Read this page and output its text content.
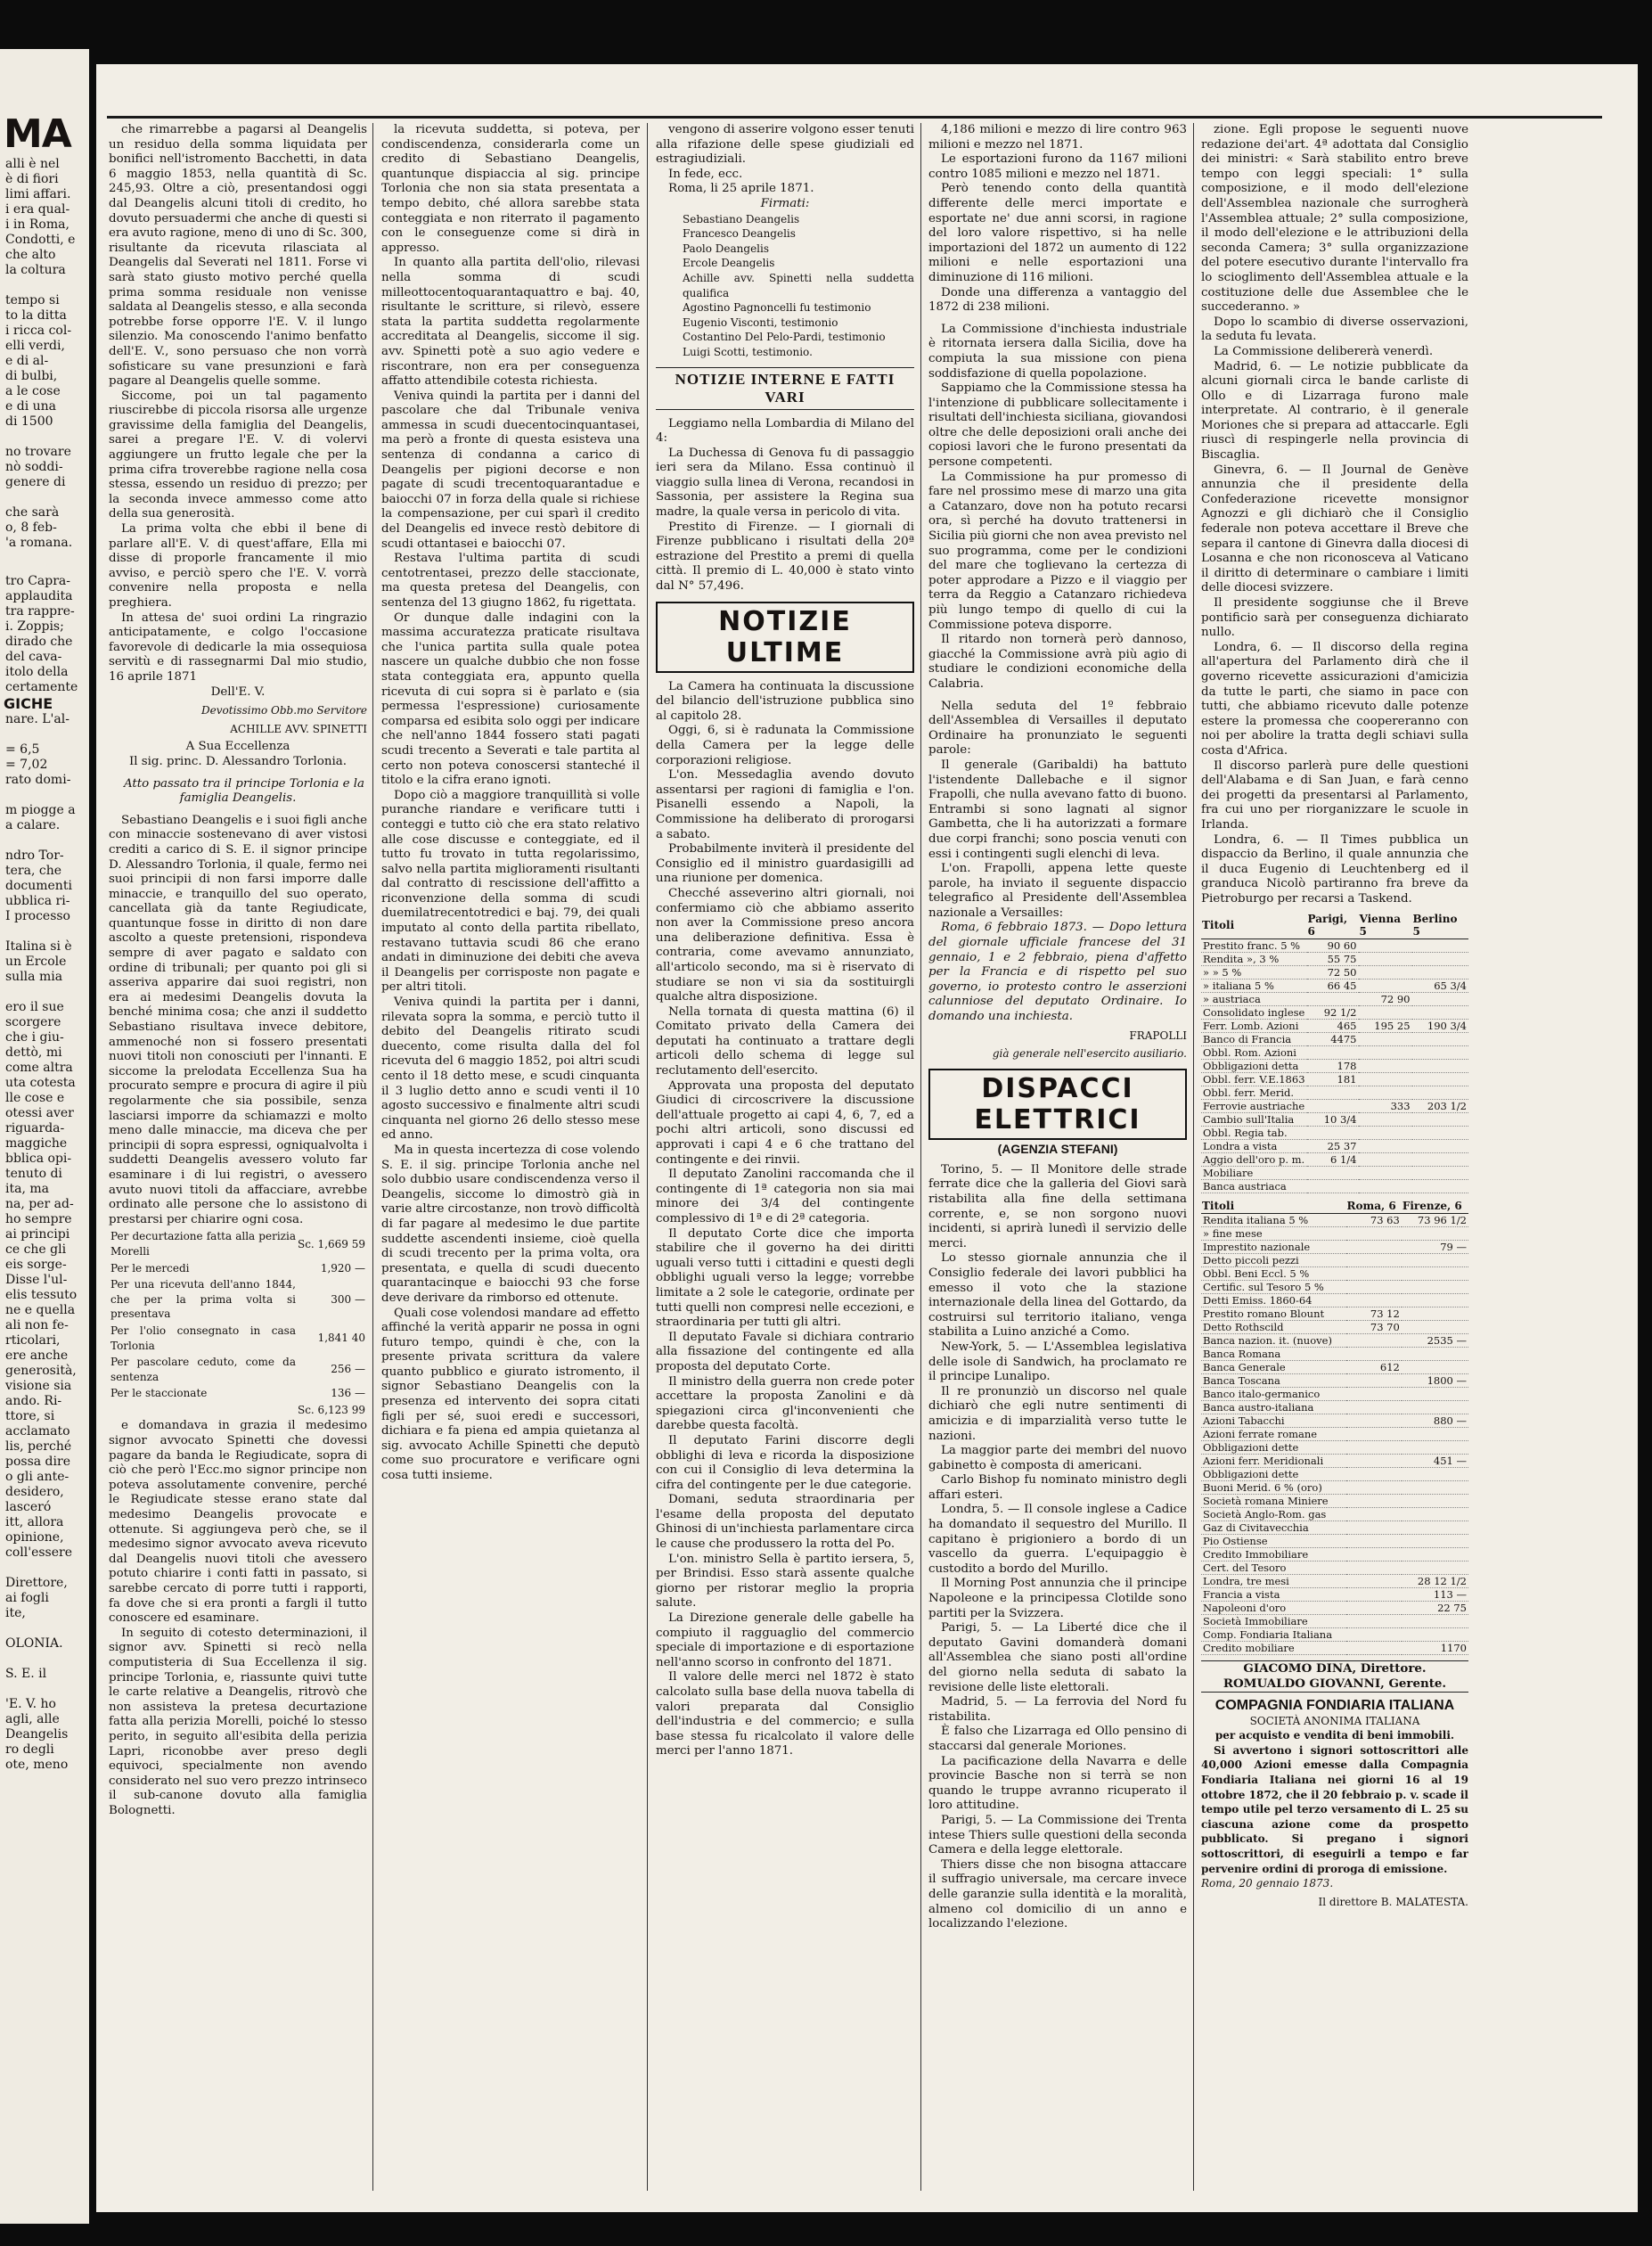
MA

alli è nel

è di fiori

limi affari.

i era qual-

i in Roma,

Condotti, e

che alto

la coltura

tempo si

to la ditta

i ricca col-

elli verdi,

e di al-

di bulbi,

a le cose

e di una

di 1500

no trovare

nò soddi-

genere di

che sarà

o, 8 feb-

'a romana.

tro Capra-

applaudita

tra rappre-

i. Zoppis;

dirado che

del cava-

itolo della

certamente

GICHE

nare. L'al-

= 6,5

= 7,02

rato domi-

m piogge a

a calare.

ndro Tor-

tera, che

documenti

ubblica ri-

I processo

Italina si è

un Ercole

sulla mia

ero il sue

scorgere

che i giu-

dettò, mi

come altra

uta cotesta

lle cose e

otessi aver

riguarda-

maggiche

bblica opi-

tenuto di

ita, ma

na, per ad-

ho sempre

ai principi

ce che gli

eis sorge-

Disse l'ul-

elis tessuto

ne e quella

ali non fe-

rticolari,

ere anche

generosità,

visione sia

ando. Ri-

ttore, si

acclamato

lis, perché

possa dire

o gli ante-

desidero,

lasceró

itt, allora

opinione,

coll'essere

Direttore,

ai fogli

ite,

OLONIA.

S. E. il

'E. V. ho

agli, alle

Deangelis

ro degli

ote, meno

che rimarrebbe a pagarsi al Deangelis un residuo della somma liquidata per bonifici nell'istromento Bacchetti, in data 6 maggio 1853, nella quantità di Sc. 245,93. Oltre a ciò, presentandosi oggi dal Deangelis alcuni titoli di credito, ho dovuto persuadermi che anche di questi si era avuto ragione, meno di uno di Sc. 300, risultante da ricevuta rilasciata al Deangelis dal Severati nel 1811. Forse vi sarà stato giusto motivo perché quella prima somma residuale non venisse saldata al Deangelis stesso, e alla seconda potrebbe forse opporre l'E. V. il lungo silenzio. Ma conoscendo l'animo benfatto dell'E. V., sono persuaso che non vorrà sofisticare su vane presunzioni e farà pagare al Deangelis quelle somme.

Siccome, poi un tal pagamento riuscirebbe di piccola risorsa alle urgenze gravissime della famiglia del Deangelis, sarei a pregare l'E. V. di volervi aggiungere un frutto legale che per la prima cifra troverebbe ragione nella cosa stessa, essendo un residuo di prezzo; per la seconda invece ammesso come atto della sua generosità.

La prima volta che ebbi il bene di parlare all'E. V. di quest'affare, Ella mi disse di proporle francamente il mio avviso, e perciò spero che l'E. V. vorrà convenire nella proposta e nella preghiera.

In attesa de' suoi ordini La ringrazio anticipatamente, e colgo l'occasione favorevole di dedicarle la mia ossequiosa servitù e di rassegnarmi Dal mio studio, 16 aprile 1871

Dell'E. V.
Devotissimo Obb.mo Servitore
ACHILLE AVV. SPINETTI
A Sua Eccellenza
Il sig. princ. D. Alessandro Torlonia.

Atto passato tra il principe Torlonia e la famiglia Deangelis.

Sebastiano Deangelis e i suoi figli anche con minaccie sostenevano di aver vistosi crediti a carico di S. E. il signor principe D. Alessandro Torlonia, il quale, fermo nei suoi principii di non farsi imporre dalle minaccie, e tranquillo del suo operato, cancellata già da tante Regiudicate, quantunque fosse in diritto di non dare ascolto a queste pretensioni, rispondeva sempre di aver pagato e saldato con ordine di tribunali; per quanto poi gli si asseriva apparire dai suoi registri, non era ai medesimi Deangelis dovuta la benché minima cosa; che anzi il suddetto Sebastiano risultava invece debitore, ammenoché non si fossero presentati nuovi titoli non conosciuti per l'innanti. E siccome la prelodata Eccellenza Sua ha procurato sempre e procura di agire il più regolarmente che sia possibile, senza lasciarsi imporre da schiamazzi e molto meno dalle minaccie, ma diceva che per principii di sopra espressi, ogniqualvolta i suddetti Deangelis avessero voluto far esaminare i di lui registri, o avessero avuto nuovi titoli da affacciare, avrebbe ordinato alle persone che lo assistono di prestarsi per chiarire ogni cosa.

Per decurtazione fatta alla perizia Morelli	Sc. 1,669 59
Per le mercedi	1,920 —
Per una ricevuta dell'anno 1844, che per la prima volta si presentava	300 —
Per l'olio consegnato in casa Torlonia	1,841 40
Per pascolare ceduto, come da sentenza	256 —
Per le staccionate	136 —
	Sc. 6,123 99

e domandava in grazia il medesimo signor avvocato Spinetti che dovessi pagare da banda le Regiudicate, sopra di ciò che però l'Ecc.mo signor principe non poteva assolutamente convenire, perché le Regiudicate stesse erano state dal medesimo Deangelis provocate e ottenute. Si aggiungeva però che, se il medesimo signor avvocato aveva ricevuto dal Deangelis nuovi titoli che avessero potuto chiarire i conti fatti in passato, si sarebbe cercato di porre tutti i rapporti, fa dove che si era pronti a fargli il tutto conoscere ed esaminare.

In seguito di cotesto determinazioni, il signor avv. Spinetti si recò nella computisteria di Sua Eccellenza il sig. principe Torlonia, e, riassunte quivi tutte le carte relative a Deangelis, ritrovò che non assisteva la pretesa decurtazione fatta alla perizia Morelli, poiché lo stesso perito, in seguito all'esibita della perizia Lapri, riconobbe aver preso degli equivoci, specialmente non avendo considerato nel suo vero prezzo intrinseco il sub-canone dovuto alla famiglia Bolognetti.

la ricevuta suddetta, si poteva, per condiscendenza, considerarla come un credito di Sebastiano Deangelis, quantunque dispiaccia al sig. principe Torlonia che non sia stata presentata a tempo debito, ché allora sarebbe stata conteggiata e non riterrato il pagamento con le conseguenze come si dirà in appresso.

In quanto alla partita dell'olio, rilevasi nella somma di scudi milleottocentoquarantaquattro e baj. 40, risultante le scritture, si rilevò, essere stata la partita suddetta regolarmente accreditata al Deangelis, siccome il sig. avv. Spinetti potè a suo agio vedere e riscontrare, non era per conseguenza affatto attendibile cotesta richiesta.

Veniva quindi la partita per i danni del pascolare che dal Tribunale veniva ammessa in scudi duecentocinquantasei, ma però a fronte di questa esisteva una sentenza di condanna a carico di Deangelis per pigioni decorse e non pagate di scudi trecentoquarantadue e baiocchi 07 in forza della quale si richiese la compensazione, per cui sparì il credito del Deangelis ed invece restò debitore di scudi ottantasei e baiocchi 07.

Restava l'ultima partita di scudi centotrentasei, prezzo delle staccionate, ma questa pretesa del Deangelis, con sentenza del 13 giugno 1862, fu rigettata.

Or dunque dalle indagini con la massima accuratezza praticate risultava che l'unica partita sulla quale potea nascere un qualche dubbio che non fosse stata conteggiata era, appunto quella ricevuta di cui sopra si è parlato e (sia permessa l'espressione) curiosamente comparsa ed esibita solo oggi per indicare che nell'anno 1844 fossero stati pagati scudi trecento a Severati e tale partita al certo non poteva conoscersi stanteché il titolo e la cifra erano ignoti.

Dopo ciò a maggiore tranquillità si volle puranche riandare e verificare tutti i conteggi e tutto ciò che era stato relativo alle cose discusse e conteggiate, ed il tutto fu trovato in tutta regolarissimo, salvo nella partita miglioramenti risultanti dal contratto di rescissione dell'affitto a riconvenzione della somma di scudi duemilatrecentotredici e baj. 79, dei quali imputato al conto della partita ribellato, restavano tuttavia scudi 86 che erano andati in diminuzione dei debiti che aveva il Deangelis per corrisposte non pagate e per altri titoli.

Veniva quindi la partita per i danni, rilevata sopra la somma, e perciò tutto il debito del Deangelis ritirato scudi duecento, come risulta dalla del fol ricevuta del 6 maggio 1852, poi altri scudi cento il 18 detto mese, e scudi cinquanta il 3 luglio detto anno e scudi venti il 10 agosto successivo e finalmente altri scudi cinquanta nel giorno 26 dello stesso mese ed anno.

Ma in questa incertezza di cose volendo S. E. il sig. principe Torlonia anche nel solo dubbio usare condiscendenza verso il Deangelis, siccome lo dimostrò già in varie altre circostanze, non trovò difficoltà di far pagare al medesimo le due partite suddette ascendenti insieme, cioè quella di scudi trecento per la prima volta, ora presentata, e quella di scudi duecento quarantacinque e baiocchi 93 che forse deve derivare da rimborso ed ottenute.

Quali cose volendosi mandare ad effetto affinché la verità apparir ne possa in ogni futuro tempo, quindi è che, con la presente privata scrittura da valere quanto pubblico e giurato istromento, il signor Sebastiano Deangelis con la presenza ed intervento dei sopra citati figli per sé, suoi eredi e successori, dichiara e fa piena ed ampia quietanza al sig. avvocato Achille Spinetti che deputò come suo procuratore e verificare ogni cosa tutti insieme.

vengono di asserire volgono esser tenuti alla rifazione delle spese giudiziali ed estragiudiziali.

In fede, ecc.

Roma, li 25 aprile 1871.

Firmati:
Sebastiano Deangelis
Francesco Deangelis
Paolo Deangelis
Ercole Deangelis
Achille avv. Spinetti nella suddetta qualifica
Agostino Pagnoncelli fu testimonio
Eugenio Visconti, testimonio
Costantino Del Pelo-Pardi, testimonio
Luigi Scotti, testimonio.
NOTIZIE INTERNE E FATTI VARI

Leggiamo nella Lombardia di Milano del 4:

La Duchessa di Genova fu di passaggio ieri sera da Milano. Essa continuò il viaggio sulla linea di Verona, recandosi in Sassonia, per assistere la Regina sua madre, la quale versa in pericolo di vita.

Prestito di Firenze. — I giornali di Firenze pubblicano i risultati della 20ª estrazione del Prestito a premi di quella città. Il premio di L. 40,000 è stato vinto dal N° 57,496.

NOTIZIE ULTIME

La Camera ha continuata la discussione del bilancio dell'istruzione pubblica sino al capitolo 28.

Oggi, 6, si è radunata la Commissione della Camera per la legge delle corporazioni religiose.

L'on. Messedaglia avendo dovuto assentarsi per ragioni di famiglia e l'on. Pisanelli essendo a Napoli, la Commissione ha deliberato di prorogarsi a sabato.

Probabilmente inviterà il presidente del Consiglio ed il ministro guardasigilli ad una riunione per domenica.

Checché asseverino altri giornali, noi confermiamo ciò che abbiamo asserito non aver la Commissione preso ancora una deliberazione definitiva. Essa è contraria, come avevamo annunziato, all'articolo secondo, ma si è riservato di studiare se non vi sia da sostituirgli qualche altra disposizione.

Nella tornata di questa mattina (6) il Comitato privato della Camera dei deputati ha continuato a trattare degli articoli dello schema di legge sul reclutamento dell'esercito.

Approvata una proposta del deputato Giudici di circoscrivere la discussione dell'attuale progetto ai capi 4, 6, 7, ed a pochi altri articoli, sono discussi ed approvati i capi 4 e 6 che trattano del contingente e dei rinvii.

Il deputato Zanolini raccomanda che il contingente di 1ª categoria non sia mai minore dei 3/4 del contingente complessivo di 1ª e di 2ª categoria.

Il deputato Corte dice che importa stabilire che il governo ha dei diritti uguali verso tutti i cittadini e questi degli obblighi uguali verso la legge; vorrebbe limitate a 2 sole le categorie, ordinate per tutti quelli non compresi nelle eccezioni, e straordinaria per tutti gli altri.

Il deputato Favale si dichiara contrario alla fissazione del contingente ed alla proposta del deputato Corte.

Il ministro della guerra non crede poter accettare la proposta Zanolini e dà spiegazioni circa gl'inconvenienti che darebbe questa facoltà.

Il deputato Farini discorre degli obblighi di leva e ricorda la disposizione con cui il Consiglio di leva determina la cifra del contingente per le due categorie.

Domani, seduta straordinaria per l'esame della proposta del deputato Ghinosi di un'inchiesta parlamentare circa le cause che produssero la rotta del Po.

L'on. ministro Sella è partito iersera, 5, per Brindisi. Esso starà assente qualche giorno per ristorar meglio la propria salute.

La Direzione generale delle gabelle ha compiuto il ragguaglio del commercio speciale di importazione e di esportazione nell'anno scorso in confronto del 1871.

Il valore delle merci nel 1872 è stato calcolato sulla base della nuova tabella di valori preparata dal Consiglio dell'industria e del commercio; e sulla base stessa fu ricalcolato il valore delle merci per l'anno 1871.

4,186 milioni e mezzo di lire contro 963 milioni e mezzo nel 1871.

Le esportazioni furono da 1167 milioni contro 1085 milioni e mezzo nel 1871.

Però tenendo conto della quantità differente delle merci importate e esportate ne' due anni scorsi, in ragione del loro valore rispettivo, si ha nelle importazioni del 1872 un aumento di 122 milioni e nelle esportazioni una diminuzione di 116 milioni.

Donde una differenza a vantaggio del 1872 di 238 milioni.

La Commissione d'inchiesta industriale è ritornata iersera dalla Sicilia, dove ha compiuta la sua missione con piena soddisfazione di quella popolazione.

Sappiamo che la Commissione stessa ha l'intenzione di pubblicare sollecitamente i risultati dell'inchiesta siciliana, giovandosi oltre che delle deposizioni orali anche dei copiosi lavori che le furono presentati da persone competenti.

La Commissione ha pur promesso di fare nel prossimo mese di marzo una gita a Catanzaro, dove non ha potuto recarsi ora, sì perché ha dovuto trattenersi in Sicilia più giorni che non avea previsto nel suo programma, come per le condizioni del mare che toglievano la certezza di poter approdare a Pizzo e il viaggio per terra da Reggio a Catanzaro richiedeva più lungo tempo di quello di cui la Commissione poteva disporre.

Il ritardo non tornerà però dannoso, giacché la Commissione avrà più agio di studiare le condizioni economiche della Calabria.

Nella seduta del 1º febbraio dell'Assemblea di Versailles il deputato Ordinaire ha pronunziato le seguenti parole:

Il generale (Garibaldi) ha battuto l'istendente Dallebache e il signor Frapolli, che nulla avevano fatto di buono. Entrambi si sono lagnati al signor Gambetta, che li ha autorizzati a formare due corpi franchi; sono poscia venuti con essi i contingenti sugli elenchi di leva.

L'on. Frapolli, appena lette queste parole, ha inviato il seguente dispaccio telegrafico al Presidente dell'Assemblea nazionale a Versailles:

Roma, 6 febbraio 1873. — Dopo lettura del giornale ufficiale francese del 31 gennaio, 1 e 2 febbraio, piena d'affetto per la Francia e di rispetto pel suo governo, io protesto contro le asserzioni calunniose del deputato Ordinaire. Io domando una inchiesta.

FRAPOLLI
già generale nell'esercito ausiliario.
DISPACCI ELETTRICI
(AGENZIA STEFANI)

Torino, 5. — Il Monitore delle strade ferrate dice che la galleria del Giovi sarà ristabilita alla fine della settimana corrente, e, se non sorgono nuovi incidenti, si aprirà lunedì il servizio delle merci.

Lo stesso giornale annunzia che il Consiglio federale dei lavori pubblici ha emesso il voto che la stazione internazionale della linea del Gottardo, da costruirsi sul territorio italiano, venga stabilita a Luino anziché a Como.

New-York, 5. — L'Assemblea legislativa delle isole di Sandwich, ha proclamato re il principe Lunalipo.

Il re pronunziò un discorso nel quale dichiarò che egli nutre sentimenti di amicizia e di imparzialità verso tutte le nazioni.

La maggior parte dei membri del nuovo gabinetto è composta di americani.

Carlo Bishop fu nominato ministro degli affari esteri.

Londra, 5. — Il console inglese a Cadice ha domandato il sequestro del Murillo. Il capitano è prigioniero a bordo di un vascello da guerra. L'equipaggio è custodito a bordo del Murillo.

Il Morning Post annunzia che il principe Napoleone e la principessa Clotilde sono partiti per la Svizzera.

Parigi, 5. — La Liberté dice che il deputato Gavini domanderà domani all'Assemblea che siano posti all'ordine del giorno nella seduta di sabato la revisione delle liste elettorali.

Madrid, 5. — La ferrovia del Nord fu ristabilita.

È falso che Lizarraga ed Ollo pensino di staccarsi dal generale Moriones.

La pacificazione della Navarra e delle provincie Basche non si terrà se non quando le truppe avranno ricuperato il loro attitudine.

Parigi, 5. — La Commissione dei Trenta intese Thiers sulle questioni della seconda Camera e della legge elettorale.

Thiers disse che non bisogna attaccare il suffragio universale, ma cercare invece delle garanzie sulla identità e la moralità, almeno col domicilio di un anno e localizzando l'elezione.

zione. Egli propose le seguenti nuove redazione dei'art. 4ª adottata dal Consiglio dei ministri: « Sarà stabilito entro breve tempo con leggi speciali: 1° sulla composizione, e il modo dell'elezione dell'Assemblea nazionale che surrogherà l'Assemblea attuale; 2° sulla composizione, il modo dell'elezione e le attribuzioni della seconda Camera; 3° sulla organizzazione del potere esecutivo durante l'intervallo fra lo scioglimento dell'Assemblea attuale e la costituzione delle due Assemblee che le succederanno. »

Dopo lo scambio di diverse osservazioni, la seduta fu levata.

La Commissione delibererà venerdì.

Madrid, 6. — Le notizie pubblicate da alcuni giornali circa le bande carliste di Ollo e di Lizarraga furono male interpretate. Al contrario, è il generale Moriones che si prepara ad attaccarle. Egli riuscì di respingerle nella provincia di Biscaglia.

Ginevra, 6. — Il Journal de Genève annunzia che il presidente della Confederazione ricevette monsignor Agnozzi e gli dichiarò che il Consiglio federale non poteva accettare il Breve che separa il cantone di Ginevra dalla diocesi di Losanna e che non riconosceva al Vaticano il diritto di determinare o cambiare i limiti delle diocesi svizzere.

Il presidente soggiunse che il Breve pontificio sarà per conseguenza dichiarato nullo.

Londra, 6. — Il discorso della regina all'apertura del Parlamento dirà che il governo ricevette assicurazioni d'amicizia da tutte le parti, che siamo in pace con tutti, che abbiamo ricevuto dalle potenze estere la promessa che coopereranno con noi per abolire la tratta degli schiavi sulla costa d'Africa.

Il discorso parlerà pure delle questioni dell'Alabama e di San Juan, e farà cenno dei progetti da presentarsi al Parlamento, fra cui uno per riorganizzare le scuole in Irlanda.

Londra, 6. — Il Times pubblica un dispaccio da Berlino, il quale annunzia che il duca Eugenio di Leuchtenberg ed il granduca Nicolò partiranno fra breve da Pietroburgo per recarsi a Taskend.

Titoli	Parigi, 6	Vienna 5	Berlino 5
Prestito franc. 5 %	90 60		
Rendita », 3 %	55 75		
» » 5 %	72 50		
» italiana 5 %	66 45		65 3/4
» austriaca		72 90	
Consolidato inglese	92 1/2		
Ferr. Lomb. Azioni	465	195 25	190 3/4
Banco di Francia	4475		
Obbl. Rom. Azioni			
Obbligazioni detta	178		
Obbl. ferr. V.E.1863	181		
Obbl. ferr. Merid.			
Ferrovie austriache		333	203 1/2
Cambio sull'Italia	10 3/4		
Obbl. Regia tab.			
Londra a vista	25 37		
Aggio dell'oro p. m.	6 1/4		
Mobiliare			
Banca austriaca			
Titoli	Roma, 6	Firenze, 6
Rendita italiana 5 %	73 63	73 96 1/2
» fine mese		
Imprestito nazionale		79 —
Detto piccoli pezzi		
Obbl. Beni Eccl. 5 %		
Certific. sul Tesoro 5 %		
Detti Emiss. 1860-64		
Prestito romano Blount	73 12	
Detto Rothscild	73 70	
Banca nazion. it. (nuove)		2535 —
Banca Romana		
Banca Generale	612	
Banca Toscana		1800 —
Banco italo-germanico		
Banca austro-italiana		
Azioni Tabacchi		880 —
Azioni ferrate romane		
Obbligazioni dette		
Azioni ferr. Meridionali		451 —
Obbligazioni dette		
Buoni Merid. 6 % (oro)		
Società romana Miniere		
Società Anglo-Rom. gas		
Gaz di Civitavecchia		
Pio Ostiense		
Credito Immobiliare		
Cert. del Tesoro		
Londra, tre mesi		28 12 1/2
Francia a vista		113 —
Napoleoni d'oro		22 75
Società Immobiliare		
Comp. Fondiaria Italiana		
Credito mobiliare		1170
GIACOMO DINA, Direttore.
ROMUALDO GIOVANNI, Gerente.
COMPAGNIA FONDIARIA ITALIANA
SOCIETÀ ANONIMA ITALIANA
per acquisto e vendita di beni immobili.

Si avvertono i signori sottoscrittori alle 40,000 Azioni emesse dalla Compagnia Fondiaria Italiana nei giorni 16 al 19 ottobre 1872, che il 20 febbraio p. v. scade il tempo utile pel terzo versamento di L. 25 su ciascuna azione come da prospetto pubblicato. Si pregano i signori sottoscrittori, di eseguirli a tempo e far pervenire ordini di proroga di emissione.

Roma, 20 gennaio 1873.
Il direttore B. MALATESTA.
